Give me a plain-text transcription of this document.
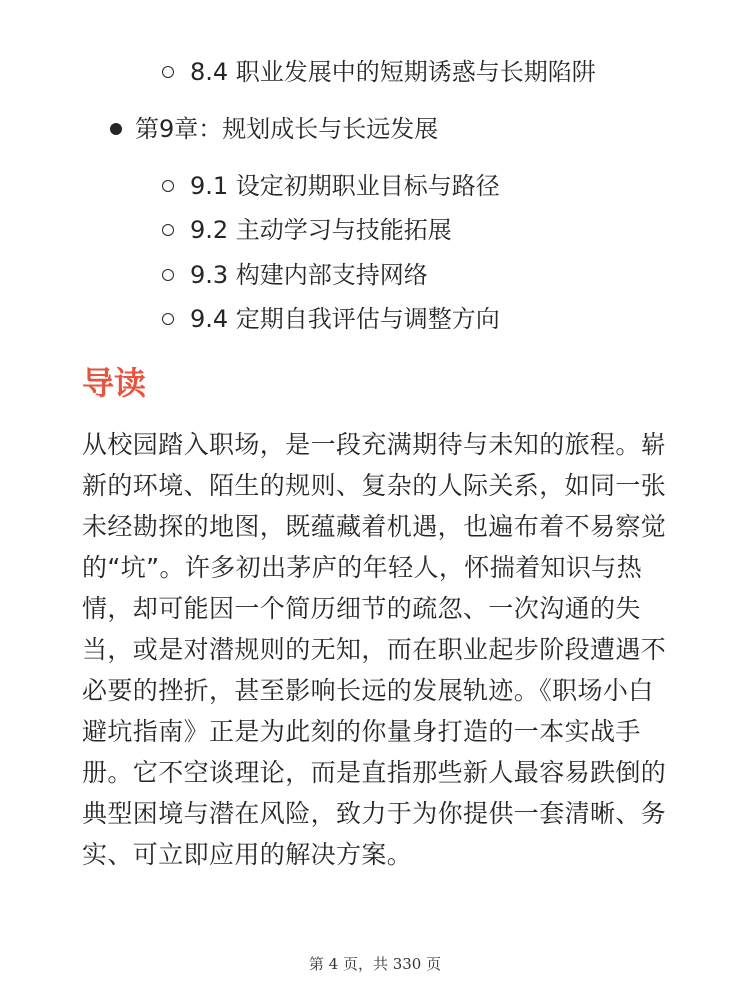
8.4 职业发展中的短期诱惑与长期陷阱
第9章：规划成长与长远发展
9.1 设定初期职业目标与路径
9.2 主动学习与技能拓展
9.3 构建内部支持网络
9.4 定期自我评估与调整方向
导读

从校园踏入职场，是一段充满期待与未知的旅程。崭新的环境、陌生的规则、复杂的人际关系，如同一张未经勘探的地图，既蕴藏着机遇，也遍布着不易察觉的“坑”。许多初出茅庐的年轻人，怀揣着知识与热情，却可能因一个简历细节的疏忽、一次沟通的失当，或是对潜规则的无知，而在职业起步阶段遭遇不必要的挫折，甚至影响长远的发展轨迹。《职场小白避坑指南》正是为此刻的你量身打造的一本实战手册。它不空谈理论，而是直指那些新人最容易跌倒的典型困境与潜在风险，致力于为你提供一套清晰、务实、可立即应用的解决方案。

第 4 页，共 330 页
